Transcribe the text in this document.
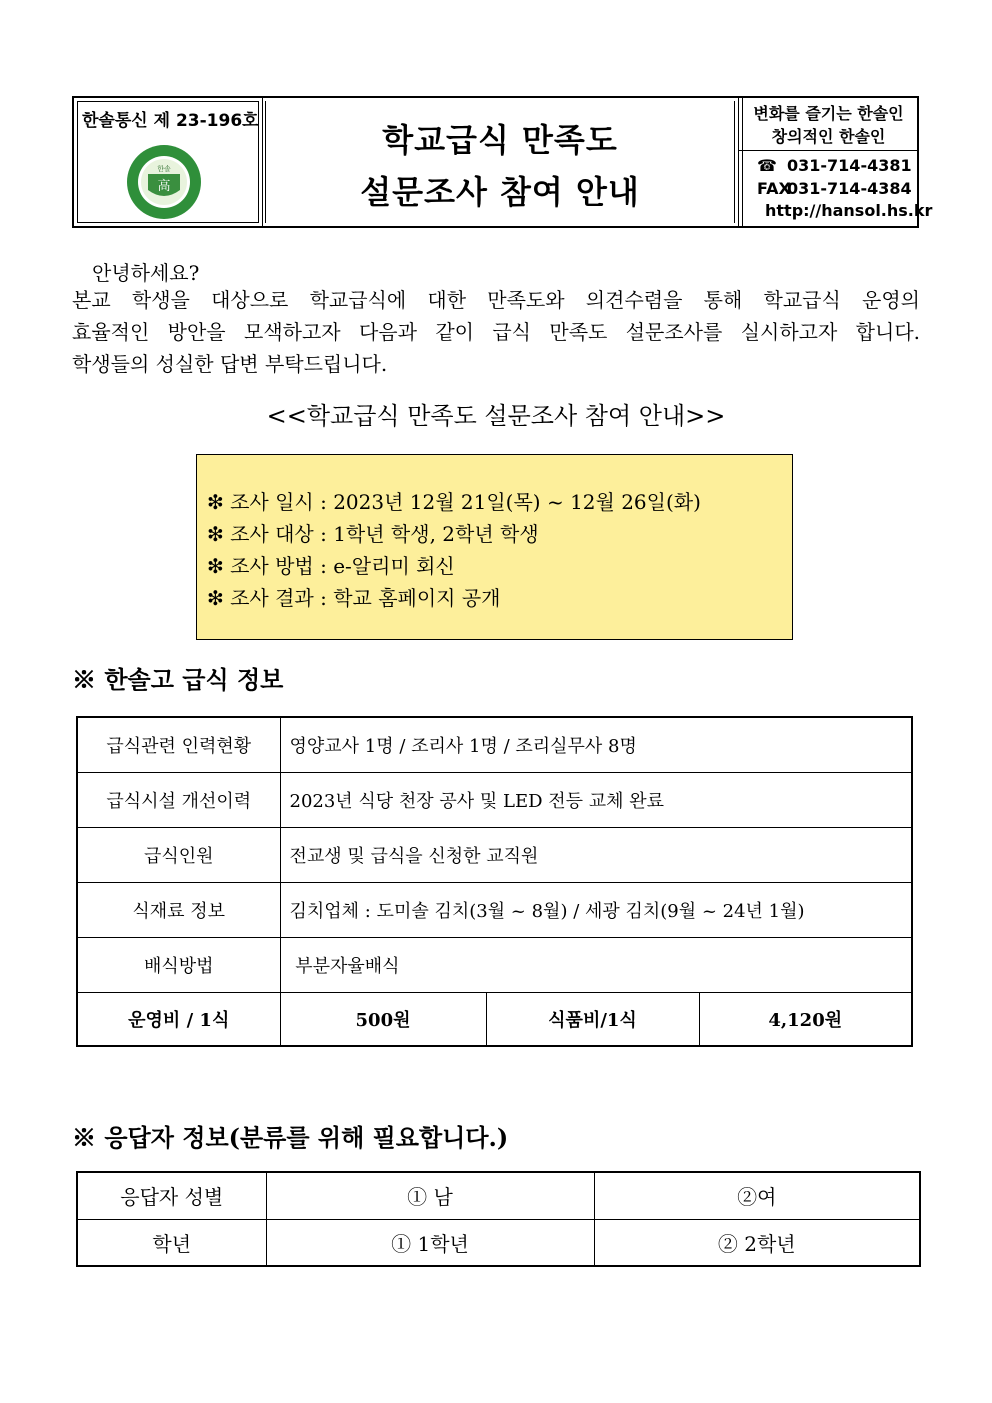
한솔통신 제 23-196호
한솔
高
학교급식 만족도
설문조사 참여 안내
변화를 즐기는 한솔인
창의적인 한솔인
☎ 031-714-4381
FAX031-714-4384
http://hansol.hs.kr
안녕하세요?
본교 학생을 대상으로 학교급식에 대한 만족도와 의견수렴을 통해 학교급식 운영의
효율적인 방안을 모색하고자 다음과 같이 급식 만족도 설문조사를 실시하고자 합니다.
학생들의 성실한 답변 부탁드립니다.
<<학교급식 만족도 설문조사 참여 안내>>
❇ 조사 일시 : 2023년 12월 21일(목) ~ 12월 26일(화)
❇ 조사 대상 : 1학년 학생, 2학년 학생
❇ 조사 방법 : e-알리미 회신
❇ 조사 결과 : 학교 홈페이지 공개
※ 한솔고 급식 정보
급식관련 인력현황	영양교사 1명 / 조리사 1명 / 조리실무사 8명		
급식시설 개선이력	2023년 식당 천장 공사 및 LED 전등 교체 완료		
급식인원	전교생 및 급식을 신청한 교직원		
식재료 정보	김치업체 : 도미솔 김치(3월 ~ 8월) / 세광 김치(9월 ~ 24년 1월)		
배식방법	부분자율배식		
운영비 / 1식	500원	식품비/1식	4,120원
※ 응답자 정보(분류를 위해 필요합니다.)
응답자 성별	① 남	②여
학년	① 1학년	② 2학년
